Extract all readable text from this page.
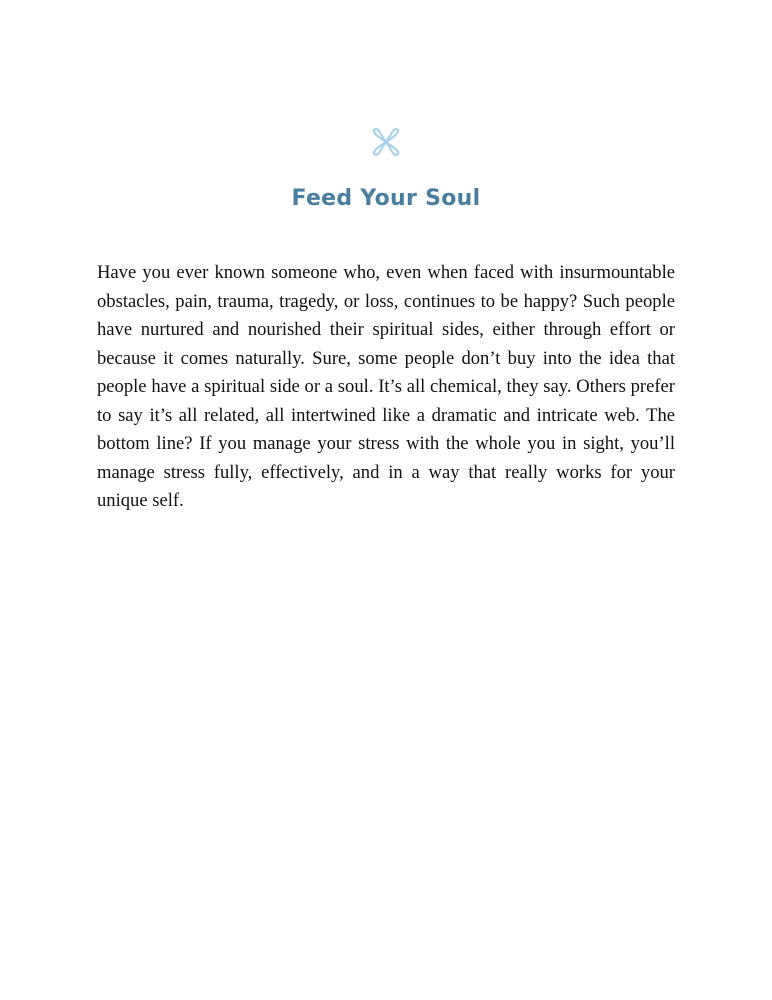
Feed Your Soul

Have you ever known someone who, even when faced with insurmountable obstacles, pain, trauma, tragedy, or loss, continues to be happy? Such people have nurtured and nourished their spiritual sides, either through effort or because it comes naturally. Sure, some people don’t buy into the idea that people have a spiritual side or a soul. It’s all chemical, they say. Others prefer to say it’s all related, all intertwined like a dramatic and intricate web. The bottom line? If you manage your stress with the whole you in sight, you’ll manage stress fully, effectively, and in a way that really works for your unique self.
